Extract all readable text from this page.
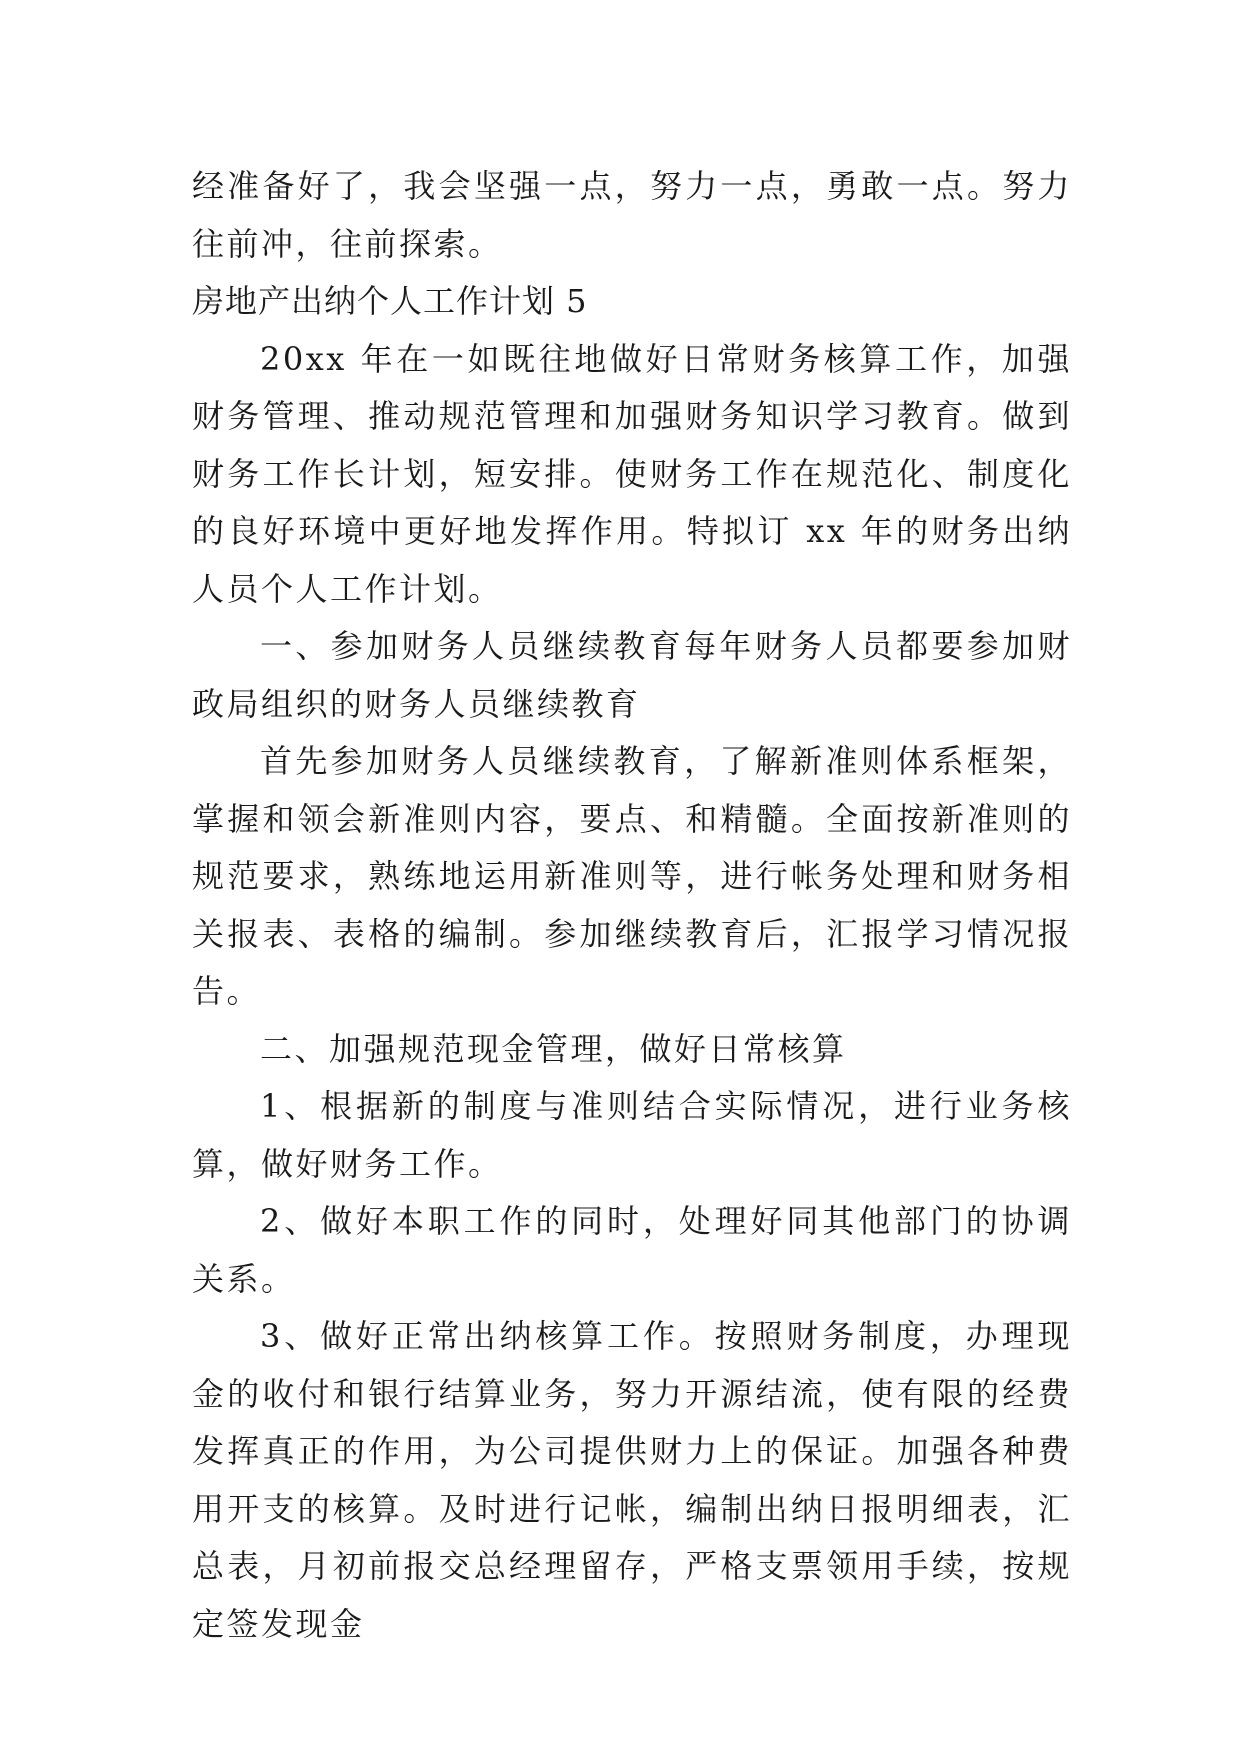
经准备好了，我会坚强一点，努力一点，勇敢一点。努力往前冲，往前探索。

房地产出纳个人工作计划 5

20xx 年在一如既往地做好日常财务核算工作，加强财务管理、推动规范管理和加强财务知识学习教育。做到财务工作长计划，短安排。使财务工作在规范化、制度化的良好环境中更好地发挥作用。特拟订 xx 年的财务出纳人员个人工作计划。

一、参加财务人员继续教育每年财务人员都要参加财政局组织的财务人员继续教育

首先参加财务人员继续教育，了解新准则体系框架，掌握和领会新准则内容，要点、和精髓。全面按新准则的规范要求，熟练地运用新准则等，进行帐务处理和财务相关报表、表格的编制。参加继续教育后，汇报学习情况报告。

二、加强规范现金管理，做好日常核算

1、根据新的制度与准则结合实际情况，进行业务核算，做好财务工作。

2、做好本职工作的同时，处理好同其他部门的协调关系。

3、做好正常出纳核算工作。按照财务制度，办理现金的收付和银行结算业务，努力开源结流，使有限的经费发挥真正的作用，为公司提供财力上的保证。加强各种费用开支的核算。及时进行记帐，编制出纳日报明细表，汇总表，月初前报交总经理留存，严格支票领用手续，按规定签发现金
